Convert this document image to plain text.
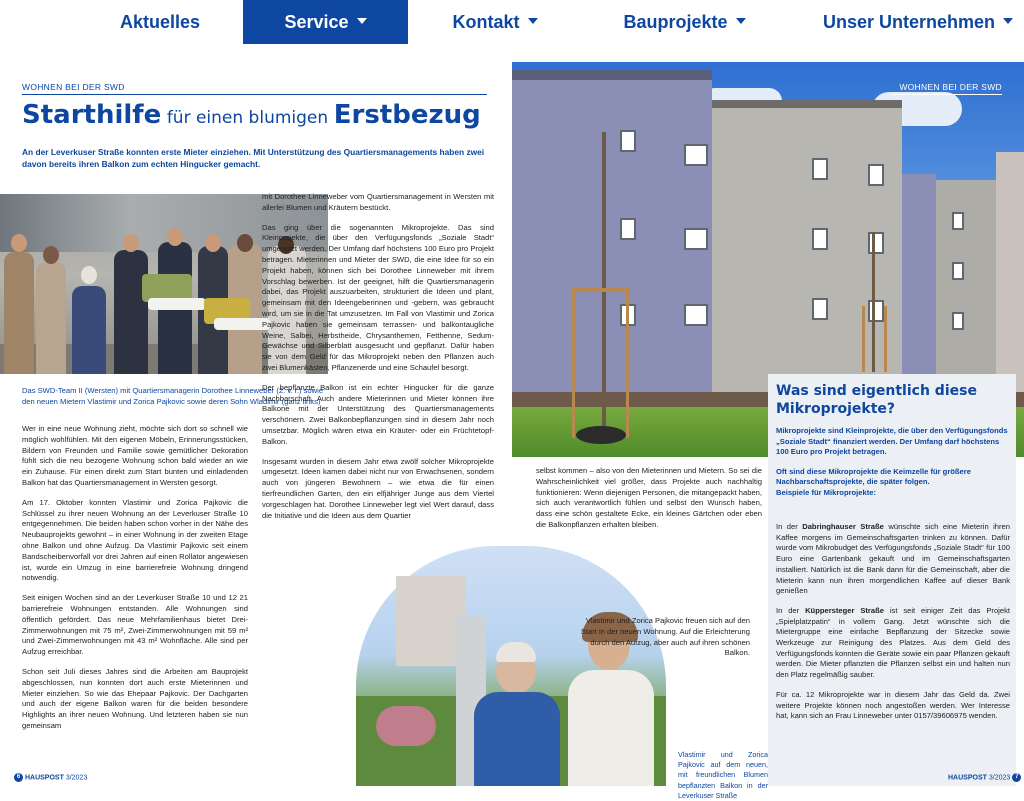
Aktuelles	Service	Kontakt	Bauprojekte	Unser Unternehmen
WOHNEN BEI DER SWD
Starthilfe für einen blumigen Erstbezug
An der Leverkuser Straße konnten erste Mieter einziehen. Mit Unterstützung des Quartiersmanagements haben zwei davon bereits ihren Balkon zum echten Hingucker gemacht.
Das SWD-Team II (Wersten) mit Quartiersmanagerin Dorothee Linneweber (2. v. r.) sowie den neuen Mietern Vlastimir und Zorica Pajkovic sowie deren Sohn Wladimir (ganz links)

Wer in eine neue Wohnung zieht, möchte sich dort so schnell wie möglich wohlfühlen. Mit den eigenen Möbeln, Erinnerungsstücken, Bildern von Freunden und Familie sowie gemütlicher Dekoration fühlt sich die neu bezogene Wohnung schon bald wieder an wie ein Zuhause. Für einen direkt zum Start bunten und einladenden Balkon hat das Quartiersmanagement in Wersten gesorgt.

Am 17. Oktober konnten Vlastimir und Zorica Pajkovic die Schlüssel zu ihrer neuen Wohnung an der Leverkuser Straße 10 entgegennehmen. Die beiden haben schon vorher in der Nähe des Neubauprojekts gewohnt – in einer Wohnung in der zweiten Etage ohne Balkon und ohne Aufzug. Da Vlastimir Pajkovic seit einem Bandscheibenvorfall vor drei Jahren auf einen Rollator angewiesen ist, wurde ein Umzug in eine barrierefreie Wohnung dringend notwendig.

Seit einigen Wochen sind an der Leverkuser Straße 10 und 12 21 barrierefreie Wohnungen entstanden. Alle Wohnungen sind öffentlich gefördert. Das neue Mehrfamilienhaus bietet Drei-Zimmerwohnungen mit 75 m², Zwei-Zimmerwohnungen mit 59 m² und Zwei-Zimmerwohnungen mit 43 m² Wohnfläche. Alle sind per Aufzug erreichbar.

Schon seit Juli dieses Jahres sind die Arbeiten am Bauprojekt abgeschlossen, nun konnten dort auch erste Mieterinnen und Mieter einziehen. So wie das Ehepaar Pajkovic. Der Dachgarten und auch der eigene Balkon waren für die beiden besondere Highlights an ihrer neuen Wohnung. Und letzteren haben sie nun gemeinsam

mit Dorothee Linneweber vom Quartiersmanagement in Wersten mit allerlei Blumen und Kräutern bestückt.

Das ging über die sogenannten Mikroprojekte. Das sind Kleinprojekte, die über den Verfügungsfonds „Soziale Stadt“ umgesetzt werden. Der Umfang darf höchstens 100 Euro pro Projekt betragen. Mieterinnen und Mieter der SWD, die eine Idee für so ein Projekt haben, können sich bei Dorothee Linneweber mit ihrem Vorschlag bewerben. Ist der geeignet, hilft die Quartiersmanagerin dabei, das Projekt auszuarbeiten, strukturiert die Ideen und plant, gemeinsam mit den Ideengeberinnen und -gebern, was gebraucht wird, um sie in die Tat umzusetzen. Im Fall von Vlastimir und Zorica Pajkovic haben sie gemeinsam terrassen- und balkontaugliche Weine, Salbei, Herbstheide, Chrysanthemen, Fetthenne, Sedum-Gewächse und Silberblatt ausgesucht und gepflanzt. Dafür haben sie von dem Geld für das Mikroprojekt neben den Pflanzen auch zwei Blumenkästen, Pflanzenerde und eine Schaufel besorgt.

Der bepflanzte Balkon ist ein echter Hingucker für die ganze Nachbarschaft. Auch andere Mieterinnen und Mieter können ihre Balkone mit der Unterstützung des Quartiersmanagements verschönern. Zwei Balkonbepflanzungen sind in diesem Jahr noch umsetzbar. Möglich wären etwa ein Kräuter- oder ein Früchtetopf-Balkon.

Insgesamt wurden in diesem Jahr etwa zwölf solcher Mikroprojekte umgesetzt. Ideen kamen dabei nicht nur von Erwachsenen, sondern auch von jüngeren Bewohnern – wie etwa die für einen tierfreundlichen Garten, den ein elfjähriger Junge aus dem Viertel vorgeschlagen hat. Dorothee Linneweber legt viel Wert darauf, dass die Initiative und die Ideen aus dem Quartier

6 HAUSPOST 3/2023
WOHNEN BEI DER SWD

selbst kommen – also von den Mieterinnen und Mietern. So sei die Wahrscheinlichkeit viel größer, dass Projekte auch nachhaltig funktionieren: Wenn diejenigen Personen, die mitangepackt haben, sich auch verantwortlich fühlen und selbst den Wunsch haben, dass eine schön gestaltete Ecke, ein kleines Gärtchen oder eben die Balkonpflanzen erhalten bleiben.

Was sind eigentlich diese Mikroprojekte?

Mikroprojekte sind Kleinprojekte, die über den Verfügungsfonds „Soziale Stadt“ finanziert werden. Der Umfang darf höchstens 100 Euro pro Projekt betragen.

Oft sind diese Mikroprojekte die Keimzelle für größere Nachbarschaftsprojekte, die später folgen.

Beispiele für Mikroprojekte:

In der Dabringhauser Straße wünschte sich eine Mieterin ihren Kaffee morgens im Gemeinschaftsgarten trinken zu können. Dafür wurde vom Mikrobudget des Verfügungsfonds „Soziale Stadt“ für 100 Euro eine Gartenbank gekauft und im Gemeinschaftsgarten installiert. Natürlich ist die Bank dann für die Gemeinschaft, aber die Mieterin kann nun ihren morgendlichen Kaffee auf dieser Bank genießen

In der Küppersteger Straße ist seit einiger Zeit das Projekt „Spielplatzpatin“ in vollem Gang. Jetzt wünschte sich die Mietergruppe eine einfache Bepflanzung der Sitzecke sowie Werkzeuge zur Reinigung des Platzes. Aus dem Geld des Verfügungsfonds konnten die Geräte sowie ein paar Pflanzen gekauft werden. Die Mieter pflanzten die Pflanzen selbst ein und halten nun den Platz regelmäßig sauber.

Für ca. 12 Mikroprojekte war in diesem Jahr das Geld da. Zwei weitere Projekte können noch angestoßen werden. Wer Interesse hat, kann sich an Frau Linneweber unter 0157/39606975 wenden.

HAUSPOST 3/2023 7
Vlastimir und Zorica Pajkovic freuen sich auf den Start in der neuen Wohnung. Auf die Erleichterung durch den Aufzug, aber auch auf ihren schönen Balkon.
Vlastimir und Zorica Pajkovic auf dem neuen, mit freundlichen Blumen bepflanzten Balkon in der Leverkuser Straße
